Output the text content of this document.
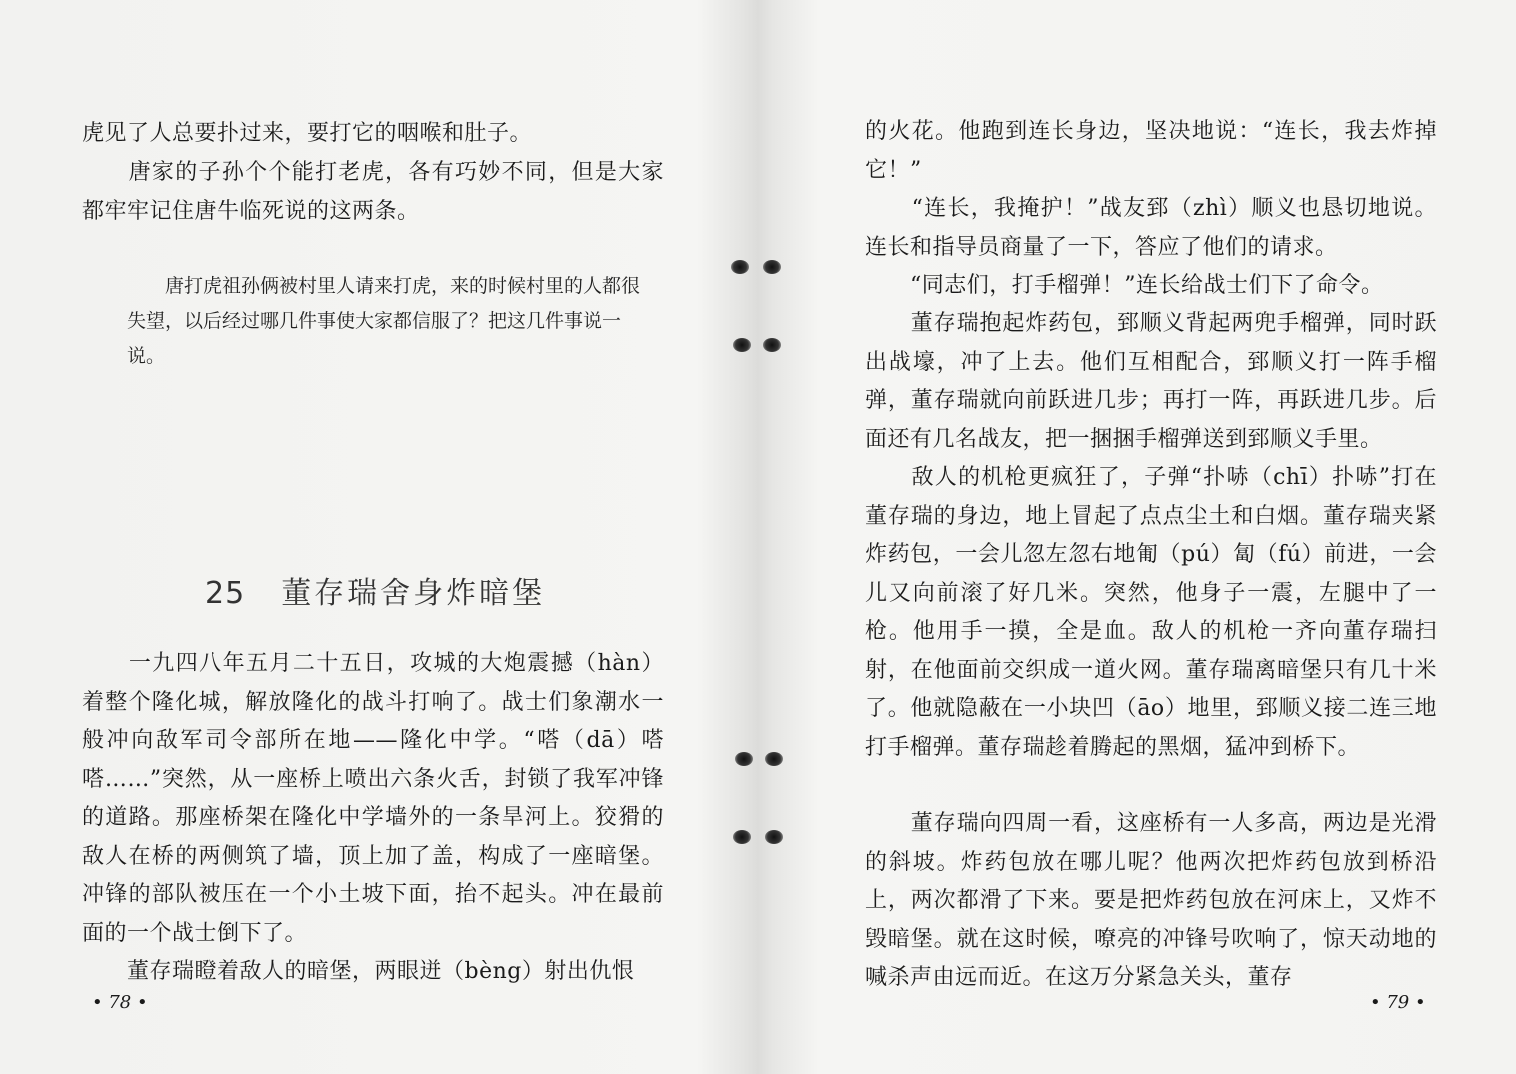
虎见了人总要扑过来，要打它的咽喉和肚子。

　　唐家的子孙个个能打老虎，各有巧妙不同，但是大家都牢牢记住唐牛临死说的这两条。

　　唐打虎祖孙俩被村里人请来打虎，来的时候村里的人都很失望，以后经过哪几件事使大家都信服了？把这几件事说一说。

25 董存瑞舍身炸暗堡

　　一九四八年五月二十五日，攻城的大炮震撼（hàn）着整个隆化城，解放隆化的战斗打响了。战士们象潮水一般冲向敌军司令部所在地——隆化中学。“嗒（dā）嗒嗒……”突然，从一座桥上喷出六条火舌，封锁了我军冲锋的道路。那座桥架在隆化中学墙外的一条旱河上。狡猾的敌人在桥的两侧筑了墙，顶上加了盖，构成了一座暗堡。冲锋的部队被压在一个小土坡下面，抬不起头。冲在最前面的一个战士倒下了。

　　董存瑞瞪着敌人的暗堡，两眼迸（bèng）射出仇恨

• 78 •

的火花。他跑到连长身边，坚决地说：“连长，我去炸掉它！”

　　“连长，我掩护！”战友郅（zhì）顺义也恳切地说。连长和指导员商量了一下，答应了他们的请求。

　　“同志们，打手榴弹！”连长给战士们下了命令。

　　董存瑞抱起炸药包，郅顺义背起两兜手榴弹，同时跃出战壕，冲了上去。他们互相配合，郅顺义打一阵手榴弹，董存瑞就向前跃进几步；再打一阵，再跃进几步。后面还有几名战友，把一捆捆手榴弹送到郅顺义手里。

　　敌人的机枪更疯狂了，子弹“扑哧（chī）扑哧”打在董存瑞的身边，地上冒起了点点尘土和白烟。董存瑞夹紧炸药包，一会儿忽左忽右地匍（pú）匐（fú）前进，一会儿又向前滚了好几米。突然，他身子一震，左腿中了一枪。他用手一摸，全是血。敌人的机枪一齐向董存瑞扫射，在他面前交织成一道火网。董存瑞离暗堡只有几十米了。他就隐蔽在一小块凹（āo）地里，郅顺义接二连三地打手榴弹。董存瑞趁着腾起的黑烟，猛冲到桥下。

　　董存瑞向四周一看，这座桥有一人多高，两边是光滑的斜坡。炸药包放在哪儿呢？他两次把炸药包放到桥沿上，两次都滑了下来。要是把炸药包放在河床上，又炸不毁暗堡。就在这时候，嘹亮的冲锋号吹响了，惊天动地的喊杀声由远而近。在这万分紧急关头，董存

• 79 •
